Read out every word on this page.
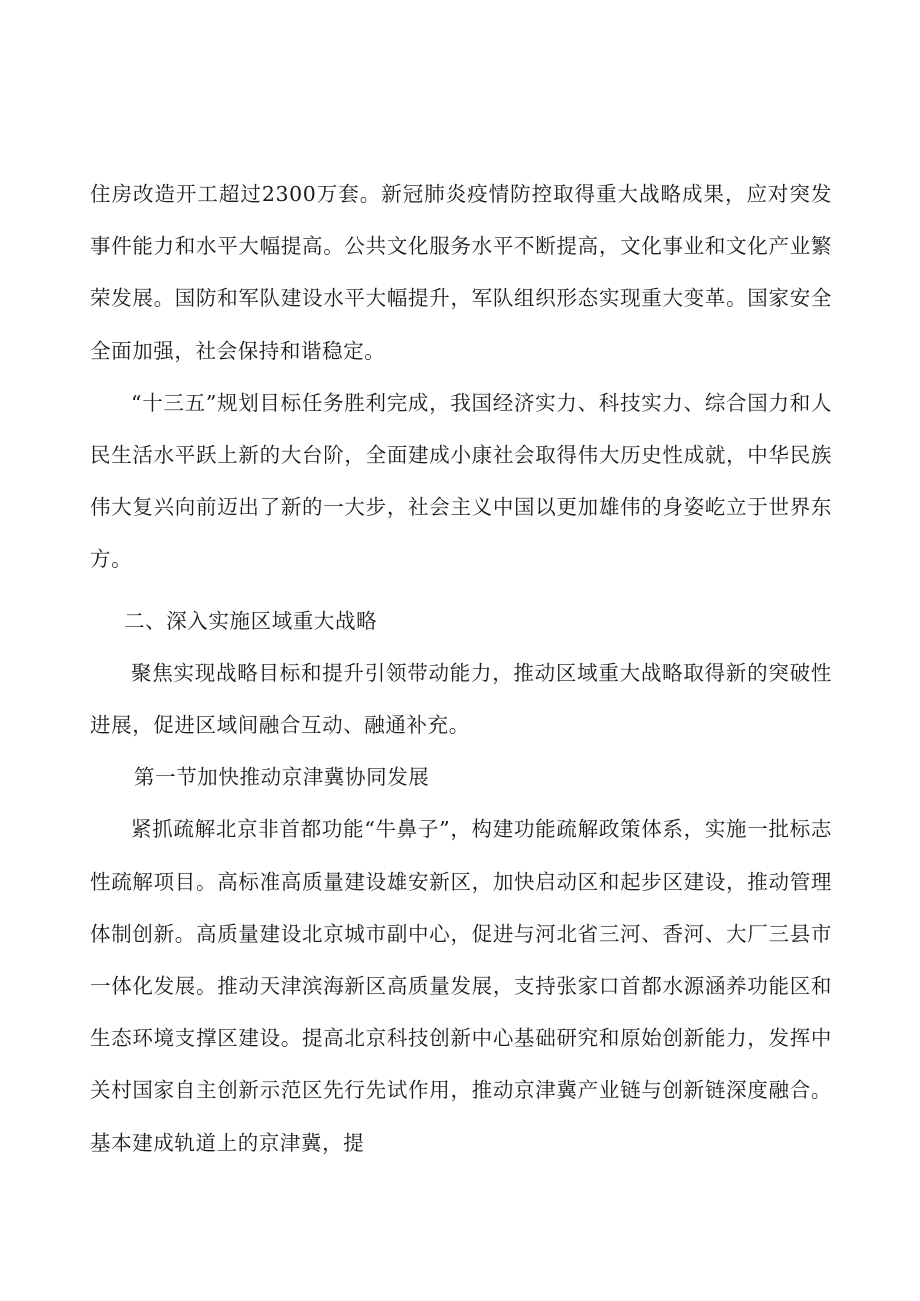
住房改造开工超过2300万套。新冠肺炎疫情防控取得重大战略成果，应对突发事件能力和水平大幅提高。公共文化服务水平不断提高，文化事业和文化产业繁荣发展。国防和军队建设水平大幅提升，军队组织形态实现重大变革。国家安全全面加强，社会保持和谐稳定。

“十三五”规划目标任务胜利完成，我国经济实力、科技实力、综合国力和人民生活水平跃上新的大台阶，全面建成小康社会取得伟大历史性成就，中华民族伟大复兴向前迈出了新的一大步，社会主义中国以更加雄伟的身姿屹立于世界东方。

二、深入实施区域重大战略

聚焦实现战略目标和提升引领带动能力，推动区域重大战略取得新的突破性进展，促进区域间融合互动、融通补充。

第一节加快推动京津冀协同发展

紧抓疏解北京非首都功能“牛鼻子”，构建功能疏解政策体系，实施一批标志性疏解项目。高标准高质量建设雄安新区，加快启动区和起步区建设，推动管理体制创新。高质量建设北京城市副中心，促进与河北省三河、香河、大厂三县市一体化发展。推动天津滨海新区高质量发展，支持张家口首都水源涵养功能区和生态环境支撑区建设。提高北京科技创新中心基础研究和原始创新能力，发挥中关村国家自主创新示范区先行先试作用，推动京津冀产业链与创新链深度融合。基本建成轨道上的京津冀，提
